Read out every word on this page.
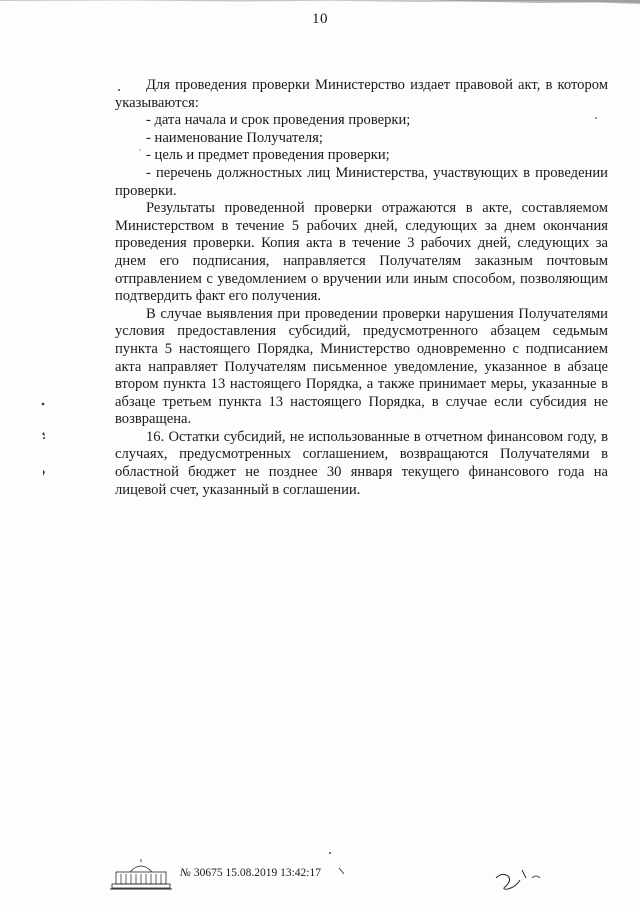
10

Для проведения проверки Министерство издает правовой акт, в котором указываются:

- дата начала и срок проведения проверки;

- наименование Получателя;

- цель и предмет проведения проверки;

- перечень должностных лиц Министерства, участвующих в проведении проверки.

Результаты проведенной проверки отражаются в акте, составляемом Министерством в течение 5 рабочих дней, следующих за днем окончания проведения проверки. Копия акта в течение 3 рабочих дней, следующих за днем его подписания, направляется Получателям заказным почтовым отправлением с уведомлением о вручении или иным способом, позволяющим подтвердить факт его получения.

В случае выявления при проведении проверки нарушения Получателями условия предоставления субсидий, предусмотренного абзацем седьмым пункта 5 настоящего Порядка, Министерство одновременно с подписанием акта направляет Получателям письменное уведомление, указанное в абзаце втором пункта 13 настоящего Порядка, а также принимает меры, указанные в абзаце третьем пункта 13 настоящего Порядка, в случае если субсидия не возвращена.

16. Остатки субсидий, не использованные в отчетном финансовом году, в случаях, предусмотренных соглашением, возвращаются Получателями в областной бюджет не позднее 30 января текущего финансового года на лицевой счет, указанный в соглашении.

№ 30675 15.08.2019 13:42:17
